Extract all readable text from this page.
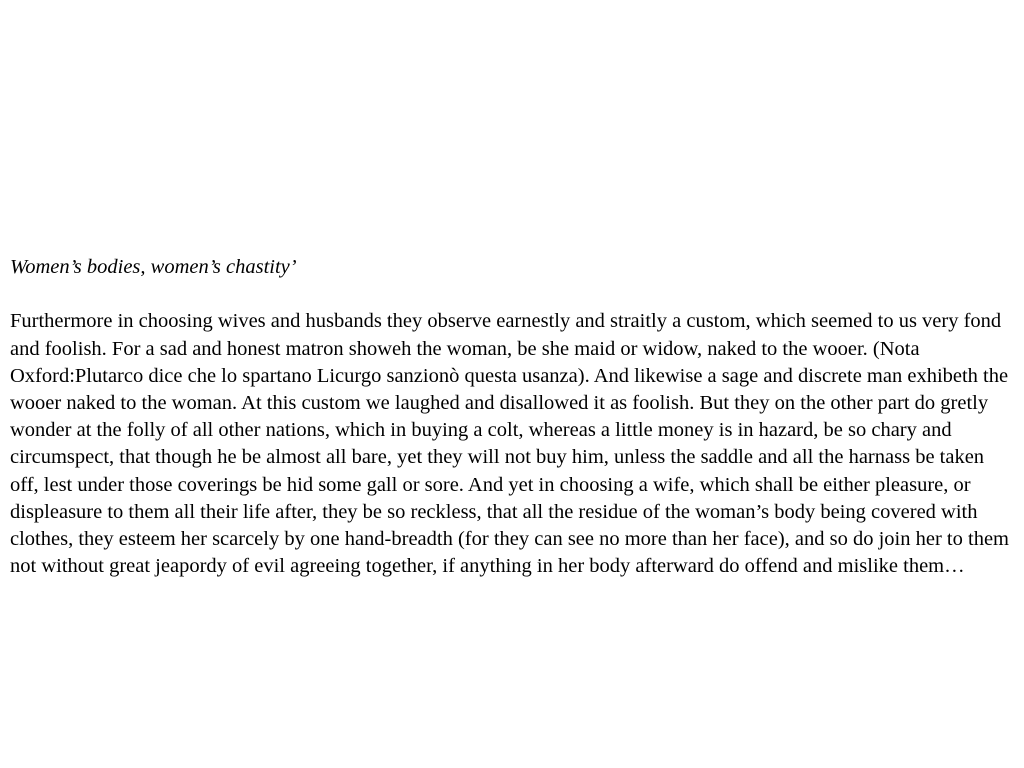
Women’s bodies, women’s chastity’

Furthermore in choosing wives and husbands they observe earnestly and straitly a custom, which seemed to us very fond and foolish. For a sad and honest matron showeh the woman, be she maid or widow, naked to the wooer. (Nota Oxford:Plutarco dice che lo spartano Licurgo sanzionò questa usanza). And likewise a sage and discrete man exhibeth the wooer naked to the woman. At this custom we laughed and disallowed it as foolish. But they on the other part do gretly wonder at the folly of all other nations, which in buying a colt, whereas a little money is in hazard, be so chary and circumspect, that though he be almost all bare, yet they will not buy him, unless the saddle and all the harnass be taken off, lest under those coverings be hid some gall or sore. And yet in choosing a wife, which shall be either pleasure, or displeasure to them all their life after, they be so reckless, that all the residue of the woman’s body being covered with clothes, they esteem her scarcely by one hand-breadth (for they can see no more than her face), and so do join her to them not without great jeapordy of evil agreeing together, if anything in her body afterward do offend and mislike them…
